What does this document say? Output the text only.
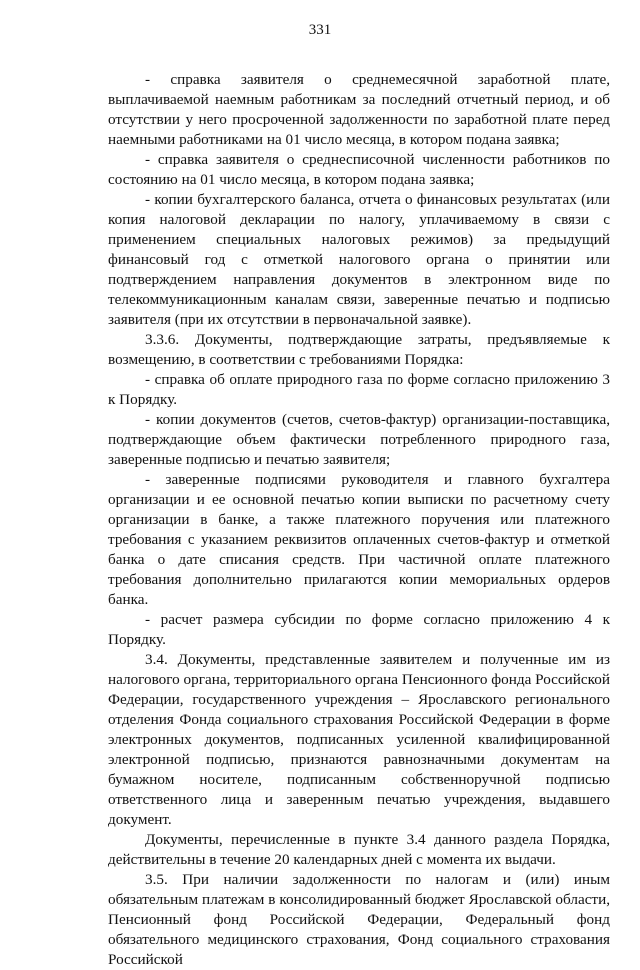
331

- справка заявителя о среднемесячной заработной плате, выплачиваемой наемным работникам за последний отчетный период, и об отсутствии у него просроченной задолженности по заработной плате перед наемными работниками на 01 число месяца, в котором подана заявка;

- справка заявителя о среднесписочной численности работников по состоянию на 01 число месяца, в котором подана заявка;

- копии бухгалтерского баланса, отчета о финансовых результатах (или копия налоговой декларации по налогу, уплачиваемому в связи с применением специальных налоговых режимов) за предыдущий финансовый год с отметкой налогового органа о принятии или подтверждением направления документов в электронном виде по телекоммуникационным каналам связи, заверенные печатью и подписью заявителя (при их отсутствии в первоначальной заявке).

3.3.6. Документы, подтверждающие затраты, предъявляемые к возмещению, в соответствии с требованиями Порядка:

- справка об оплате природного газа по форме согласно приложению 3 к Порядку.

- копии документов (счетов, счетов-фактур) организации-поставщика, подтверждающие объем фактически потребленного природного газа, заверенные подписью и печатью заявителя;

- заверенные подписями руководителя и главного бухгалтера организации и ее основной печатью копии выписки по расчетному счету организации в банке, а также платежного поручения или платежного требования с указанием реквизитов оплаченных счетов-фактур и отметкой банка о дате списания средств. При частичной оплате платежного требования дополнительно прилагаются копии мемориальных ордеров банка.

- расчет размера субсидии по форме согласно приложению 4 к Порядку.

3.4. Документы, представленные заявителем и полученные им из налогового органа, территориального органа Пенсионного фонда Российской Федерации, государственного учреждения – Ярославского регионального отделения Фонда социального страхования Российской Федерации в форме электронных документов, подписанных усиленной квалифицированной электронной подписью, признаются равнозначными документам на бумажном носителе, подписанным собственноручной подписью ответственного лица и заверенным печатью учреждения, выдавшего документ.

Документы, перечисленные в пункте 3.4 данного раздела Порядка, действительны в течение 20 календарных дней с момента их выдачи.

3.5. При наличии задолженности по налогам и (или) иным обязательным платежам в консолидированный бюджет Ярославской области, Пенсионный фонд Российской Федерации, Федеральный фонд обязательного медицинского страхования, Фонд социального страхования Российской
